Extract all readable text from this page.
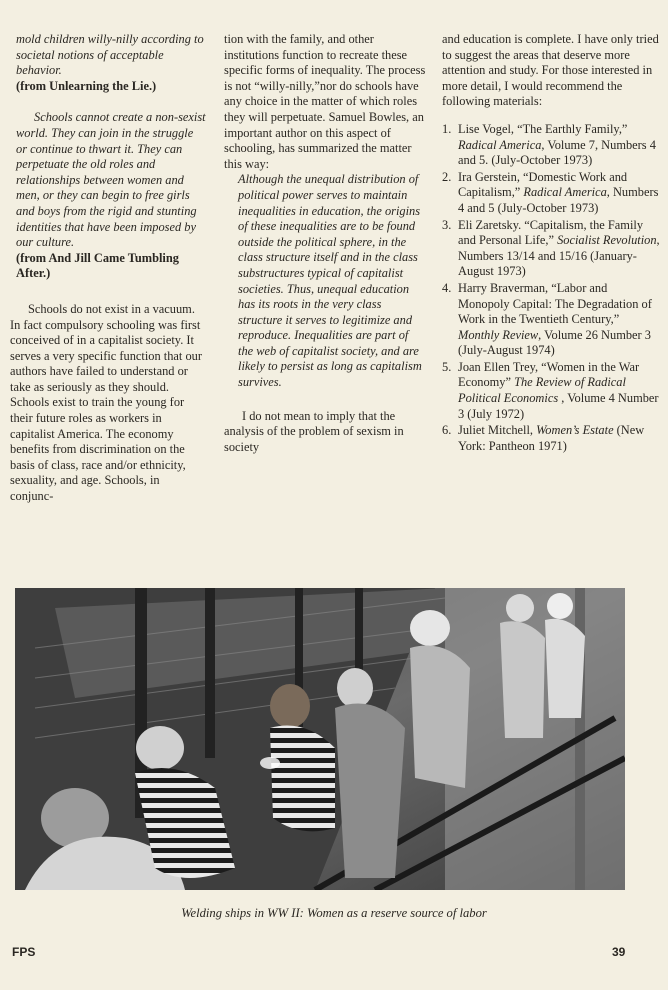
mold children willy-nilly according to societal notions of acceptable behavior.

(from Unlearning the Lie.)

Schools cannot create a non-sexist world. They can join in the struggle or continue to thwart it. They can perpetuate the old roles and relationships between women and men, or they can begin to free girls and boys from the rigid and stunting identities that have been imposed by our culture.

(from And Jill Came Tumbling After.)

Schools do not exist in a vacuum. In fact compulsory schooling was first conceived of in a capitalist society. It serves a very specific function that our authors have failed to understand or take as seriously as they should. Schools exist to train the young for their future roles as workers in capitalist America. The economy benefits from discrimination on the basis of class, race and/or ethnicity, sexuality, and age. Schools, in conjunc-

tion with the family, and other institutions function to recreate these specific forms of inequality. The process is not “willy-nilly,”nor do schools have any choice in the matter of which roles they will perpetuate. Samuel Bowles, an important author on this aspect of schooling, has summarized the matter this way:

Although the unequal distribution of political power serves to maintain inequalities in education, the origins of these inequalities are to be found outside the political sphere, in the class structure itself and in the class substructures typical of capitalist societies. Thus, unequal education has its roots in the very class structure it serves to legitimize and reproduce. Inequalities are part of the web of capitalist society, and are likely to persist as long as capitalism survives.

I do not mean to imply that the analysis of the problem of sexism in society

and education is complete. I have only tried to suggest the areas that deserve more attention and study. For those interested in more detail, I would recommend the following materials:

1. Lise Vogel, “The Earthly Family,” Radical America, Volume 7, Numbers 4 and 5. (July-October 1973)
2. Ira Gerstein, “Domestic Work and Capitalism,” Radical America, Numbers 4 and 5 (July-October 1973)
3. Eli Zaretsky. “Capitalism, the Family and Personal Life,” Socialist Revolution, Numbers 13/14 and 15/16 (January-August 1973)
4. Harry Braverman, “Labor and Monopoly Capital: The Degradation of Work in the Twentieth Century,” Monthly Review, Volume 26 Number 3 (July-August 1974)
5. Joan Ellen Trey, “Women in the War Economy” The Review of Radical Political Economics , Volume 4 Number 3 (July 1972)
6. Juliet Mitchell, Women’s Estate (New York: Pantheon 1971)
Welding ships in WW II: Women as a reserve source of labor
FPS	39
